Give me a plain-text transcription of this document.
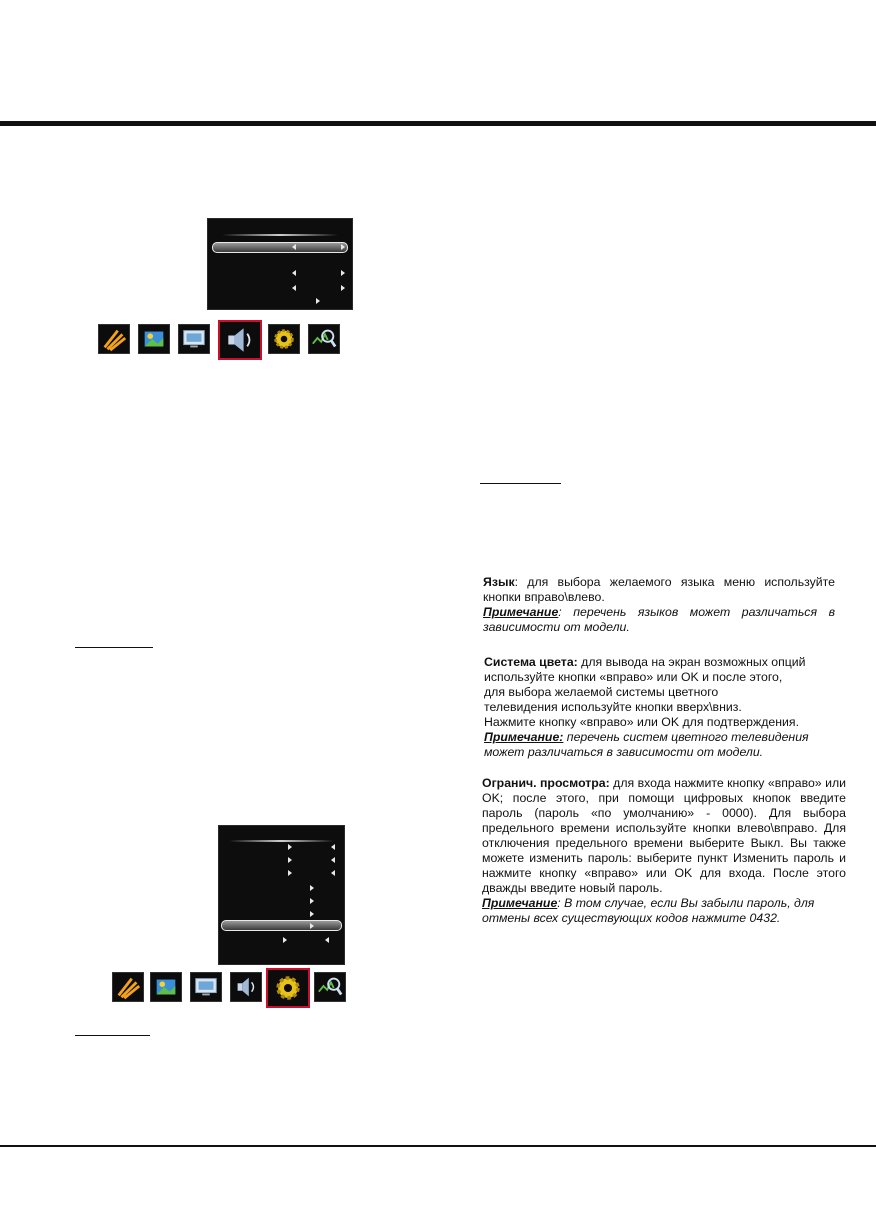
Язык: для выбора желаемого языка меню используйте кнопки вправо\влево.

Примечание: перечень языков может различаться в зависимости от модели.

Система цвета: для вывода на экран возможных опций

используйте кнопки «вправо» или OK и после этого,

для выбора желаемой системы цветного

телевидения используйте кнопки вверх\вниз.

Нажмите кнопку «вправо» или OK для подтверждения.

Примечание: перечень систем цветного телевидения может различаться в зависимости от модели.

Огранич. просмотра: для входа нажмите кнопку «вправо» или OK; после этого, при помощи цифровых кнопок введите пароль (пароль «по умолчанию» - 0000). Для выбора предельного времени используйте кнопки влево\вправо. Для отключения предельного времени выберите Выкл. Вы также можете изменить пароль: выберите пункт Изменить пароль и нажмите кнопку «вправо» или OK для входа. После этого дважды введите новый пароль.

Примечание: В том случае, если Вы забыли пароль, для отмены всех существующих кодов нажмите 0432.
